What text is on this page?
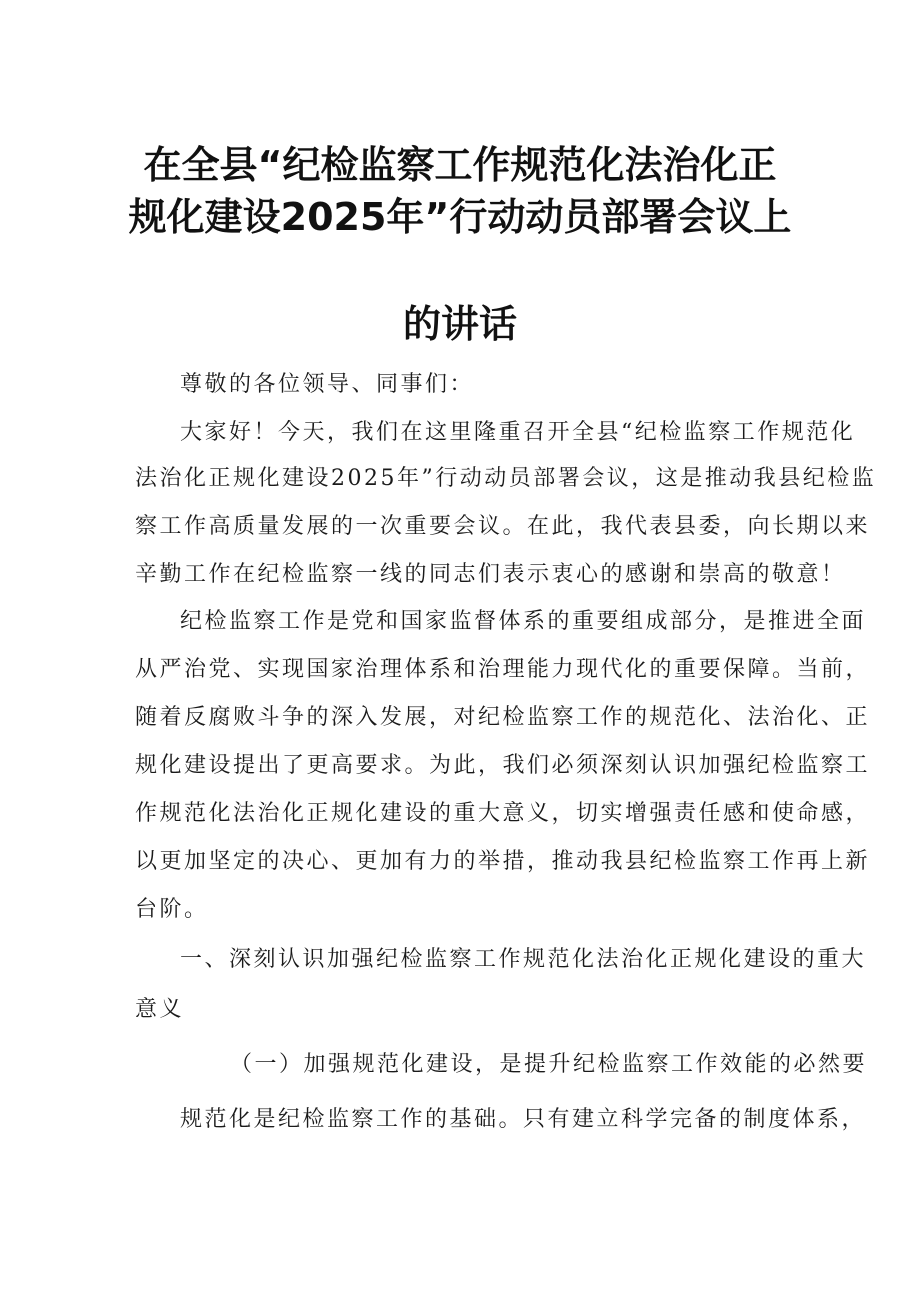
在全县“纪检监察工作规范化法治化正
规化建设2025年”行动动员部署会议上
的讲话
尊敬的各位领导、同事们：
大家好！今天，我们在这里隆重召开全县“纪检监察工作规范化
法治化正规化建设2025年”行动动员部署会议，这是推动我县纪检监
察工作高质量发展的一次重要会议。在此，我代表县委，向长期以来
辛勤工作在纪检监察一线的同志们表示衷心的感谢和崇高的敬意！
纪检监察工作是党和国家监督体系的重要组成部分，是推进全面
从严治党、实现国家治理体系和治理能力现代化的重要保障。当前，
随着反腐败斗争的深入发展，对纪检监察工作的规范化、法治化、正
规化建设提出了更高要求。为此，我们必须深刻认识加强纪检监察工
作规范化法治化正规化建设的重大意义，切实增强责任感和使命感，
以更加坚定的决心、更加有力的举措，推动我县纪检监察工作再上新
台阶。
一、深刻认识加强纪检监察工作规范化法治化正规化建设的重大
意义
（一）加强规范化建设，是提升纪检监察工作效能的必然要
规范化是纪检监察工作的基础。只有建立科学完备的制度体系，
